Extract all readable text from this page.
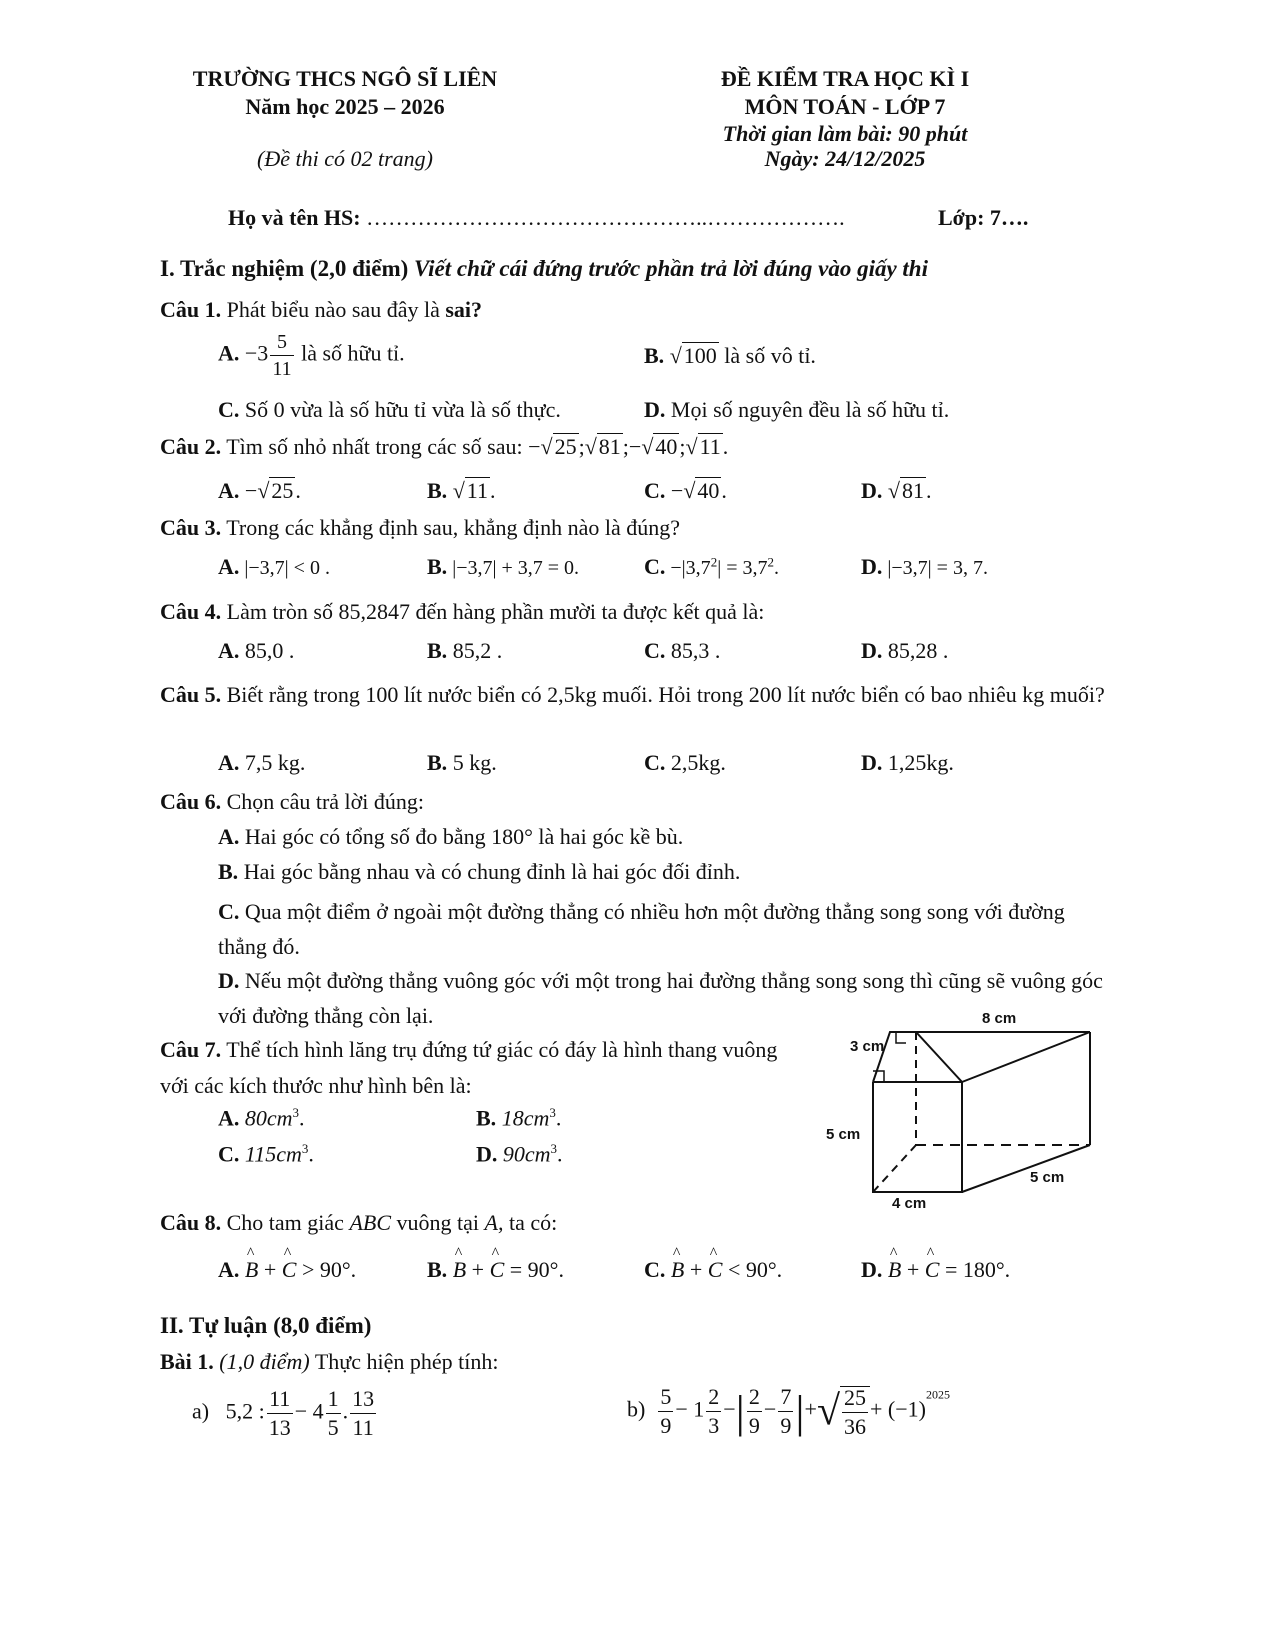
TRƯỜNG THCS NGÔ SĨ LIÊN
Năm học 2025 – 2026
(Đề thi có 02 trang)
ĐỀ KIỂM TRA HỌC KÌ I
MÔN TOÁN - LỚP 7
Thời gian làm bài: 90 phút
Ngày: 24/12/2025
Họ và tên HS: ………………………………………..……………….	Lớp: 7….
I. Trắc nghiệm (2,0 điểm) Viết chữ cái đứng trước phần trả lời đúng vào giấy thi
Câu 1. Phát biểu nào sau đây là sai?
A. $-3 \frac{5}{11}$ là số hữu tỉ.	B. √100 là số vô tỉ.
C. Số 0 vừa là số hữu tỉ vừa là số thực.	D. Mọi số nguyên đều là số hữu tỉ.
Câu 2. Tìm số nhỏ nhất trong các số sau: −√25;√81;−√40;√11.
A. −√25.	B. √11.	C. −√40.	D. √81.
Câu 3. Trong các khẳng định sau, khẳng định nào là đúng?
A. |−3,7| < 0 .	B. |−3,7| + 3,7 = 0.	C. $-|3,7^2| = 3,7^2$.	D. |−3,7| = 3, 7.
Câu 4. Làm tròn số 85,2847 đến hàng phần mười ta được kết quả là:
A. 85,0 .	B. 85,2 .	C. 85,3 .	D. 85,28 .
Câu 5. Biết rằng trong 100 lít nước biển có 2,5kg muối. Hỏi trong 200 lít nước biển có bao nhiêu kg muối?
A. 7,5 kg.	B. 5 kg.	C. 2,5kg.	D. 1,25kg.
Câu 6. Chọn câu trả lời đúng:
A. Hai góc có tổng số đo bằng 180° là hai góc kề bù.
B. Hai góc bằng nhau và có chung đỉnh là hai góc đối đỉnh.
C. Qua một điểm ở ngoài một đường thẳng có nhiều hơn một đường thẳng song song với đường thẳng đó.
D. Nếu một đường thẳng vuông góc với một trong hai đường thẳng song song thì cũng sẽ vuông góc với đường thẳng còn lại.
Câu 7. Thể tích hình lăng trụ đứng tứ giác có đáy là hình thang vuông với các kích thước như hình bên là:
A. $80cm^3$.	B. $18cm^3$.
C. $115cm^3$.	D. $90cm^3$.
8 cm
3 cm
5 cm
4 cm
5 cm
Câu 8. Cho tam giác ABC vuông tại A, ta có:
A. ^ B + ^ C > 90°.	B. ^ B + ^ C = 90°.	C. ^ B + ^ C < 90°.	D. ^ B + ^ C = 180°.
II. Tự luận (8,0 điểm)
Bài 1. (1,0 điểm) Thực hiện phép tính:
a) 5,2 : $\frac{11}{13} - 4 \frac{1}{5}$ . $\frac{13}{11}$	$b) \frac{5}{9} - 1 \frac{2}{3}$ −| $\frac{2}{9} - \frac{7}{9}$ |+√ $\frac{25}{36} + (-1)^{2025}$
